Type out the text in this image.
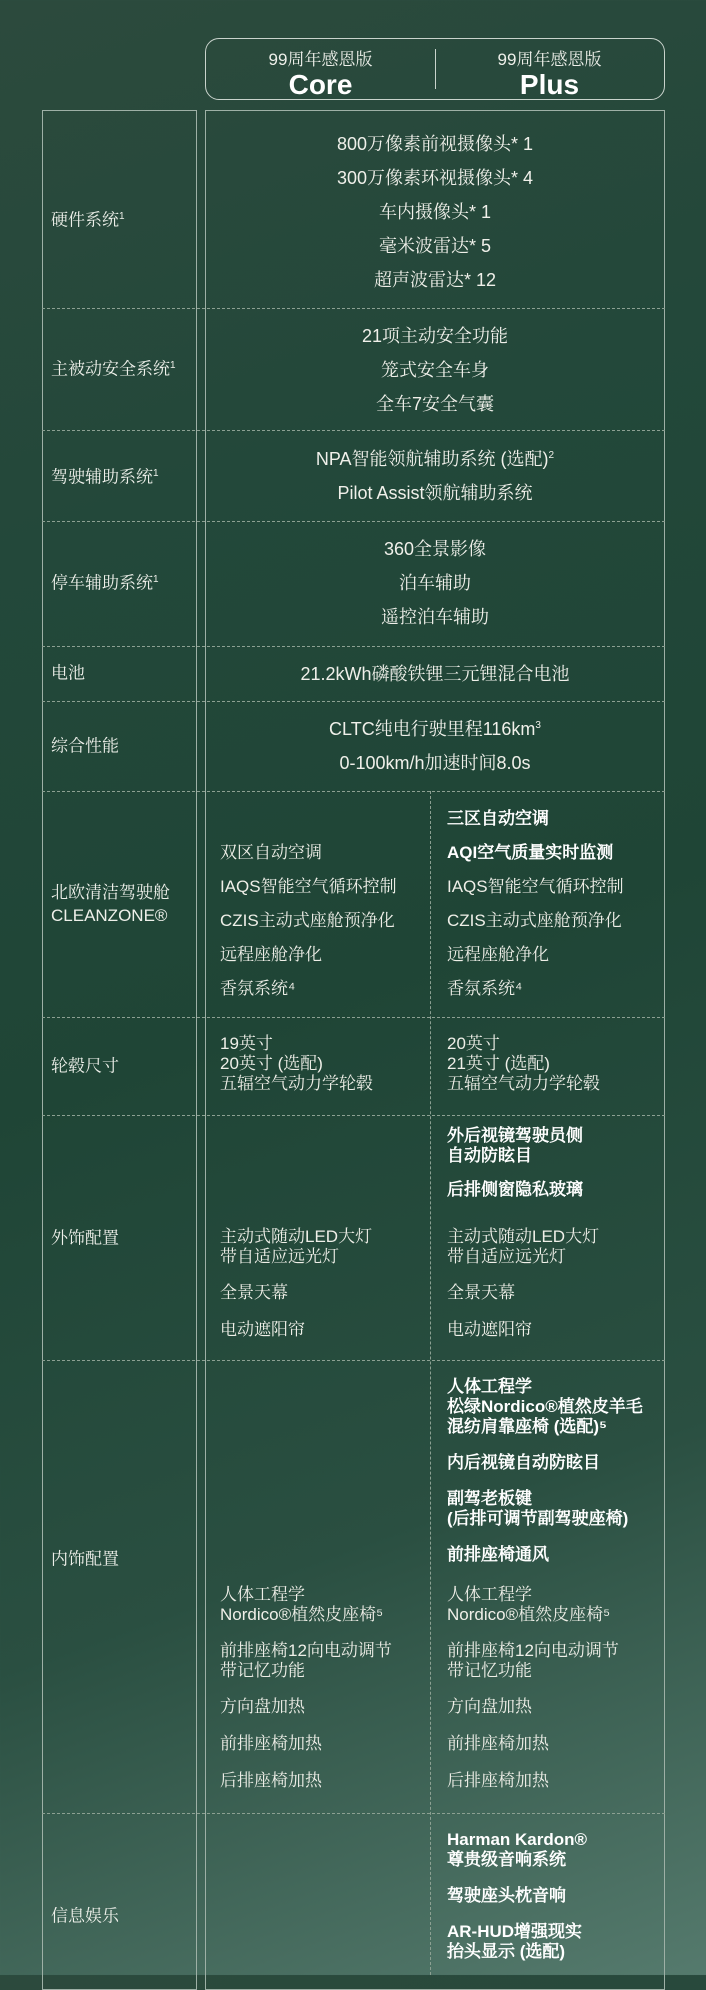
99周年感恩版
Core
99周年感恩版
Plus
硬件系统$^1$
800万像素前视摄像头* 1
300万像素环视摄像头* 4
车内摄像头* 1
毫米波雷达* 5
超声波雷达* 12
主被动安全系统$^1$
21项主动安全功能
笼式安全车身
全车7安全气囊
驾驶辅助系统$^1$
NPA智能领航辅助系统 (选配)$^2$
Pilot Assist领航辅助系统
停车辅助系统$^1$
360全景影像
泊车辅助
遥控泊车辅助
电池	21.2kWh磷酸铁锂三元锂混合电池
综合性能
CLTC纯电行驶里程$116km^3$
0-100km/h加速时间8.0s
北欧清洁驾驶舱
CLEANZONE®
双区自动空调
IAQS智能空气循环控制
CZIS主动式座舱预净化
远程座舱净化
香氛系统⁴
三区自动空调
AQI空气质量实时监测
IAQS智能空气循环控制
CZIS主动式座舱预净化
远程座舱净化
香氛系统⁴
轮毂尺寸
19英寸
20英寸 (选配)
五辐空气动力学轮毂
20英寸
21英寸 (选配)
五辐空气动力学轮毂
外饰配置
外后视镜驾驶员侧
自动防眩目
后排侧窗隐私玻璃
主动式随动LED大灯
带自适应远光灯
全景天幕
电动遮阳帘
主动式随动LED大灯
带自适应远光灯
全景天幕
电动遮阳帘
内饰配置
人体工程学
松绿Nordico®植然皮羊毛
混纺肩靠座椅 (选配)⁵
内后视镜自动防眩目
副驾老板键
(后排可调节副驾驶座椅)
前排座椅通风
人体工程学
Nordico®植然皮座椅⁵
前排座椅12向电动调节
带记忆功能
方向盘加热
前排座椅加热
后排座椅加热
人体工程学
Nordico®植然皮座椅⁵
前排座椅12向电动调节
带记忆功能
方向盘加热
前排座椅加热
后排座椅加热
信息娱乐
Harman Kardon®
尊贵级音响系统
驾驶座头枕音响
AR-HUD增强现实
抬头显示 (选配)
